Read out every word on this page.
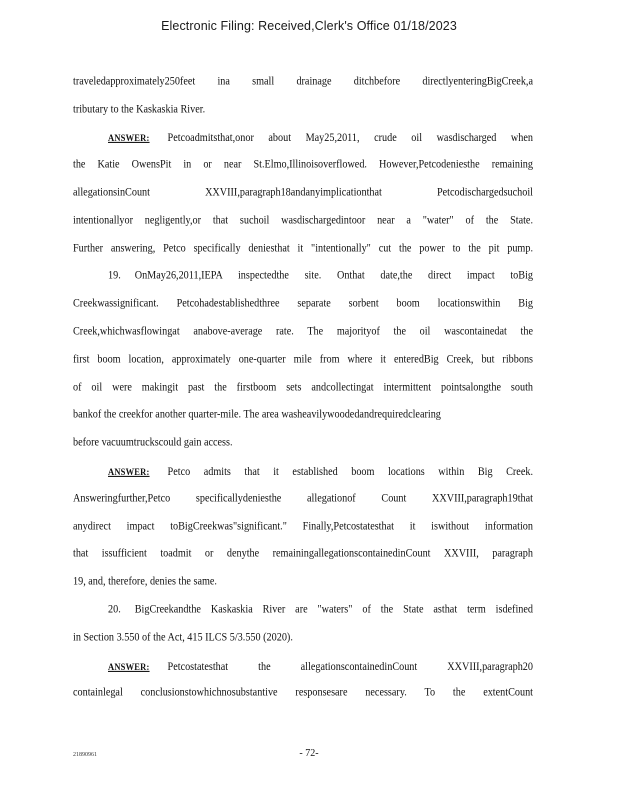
Electronic Filing: Received,Clerk's Office 01/18/2023
traveledapproximately250feet ina small drainage ditchbefore directlyenteringBigCreek,a
tributary to the Kaskaskia River.
ANSWER: Petcoadmitsthat,onor about May25,2011, crude oil wasdischarged when
the Katie OwensPit in or near St.Elmo,Illinoisoverflowed. However,Petcodeniesthe remaining
allegationsinCount XXVIII,paragraph18andanyimplicationthat Petcodischargedsuchoil
intentionallyor negligently,or that suchoil wasdischargedintoor near a "water" of the State.
Further answering, Petco specifically deniesthat it "intentionally" cut the power to the pit pump.
19. OnMay26,2011,IEPA inspectedthe site. Onthat date,the direct impact toBig
Creekwassignificant. Petcohadestablishedthree separate sorbent boom locationswithin Big
Creek,whichwasflowingat anabove-average rate. The majorityof the oil wascontainedat the
first boom location, approximately one-quarter mile from where it enteredBig Creek, but ribbons
of oil were makingit past the firstboom sets andcollectingat intermittent pointsalongthe south
bankof the creekfor another quarter-mile. The area washeavilywoodedandrequiredclearing
before vacuumtruckscould gain access.
ANSWER: Petco admits that it established boom locations within Big Creek.
Answeringfurther,Petco specificallydeniesthe allegationof Count XXVIII,paragraph19that
anydirect impact toBigCreekwas"significant." Finally,Petcostatesthat it iswithout information
that issufficient toadmit or denythe remainingallegationscontainedinCount XXVIII, paragraph
19, and, therefore, denies the same.
20. BigCreekandthe Kaskaskia River are "waters" of the State asthat term isdefined
in Section 3.550 of the Act, 415 ILCS 5/3.550 (2020).
ANSWER: Petcostatesthat the allegationscontainedinCount XXVIII,paragraph20
containlegal conclusionstowhichnosubstantive responsesare necessary. To the extentCount
21890961	- 72-
